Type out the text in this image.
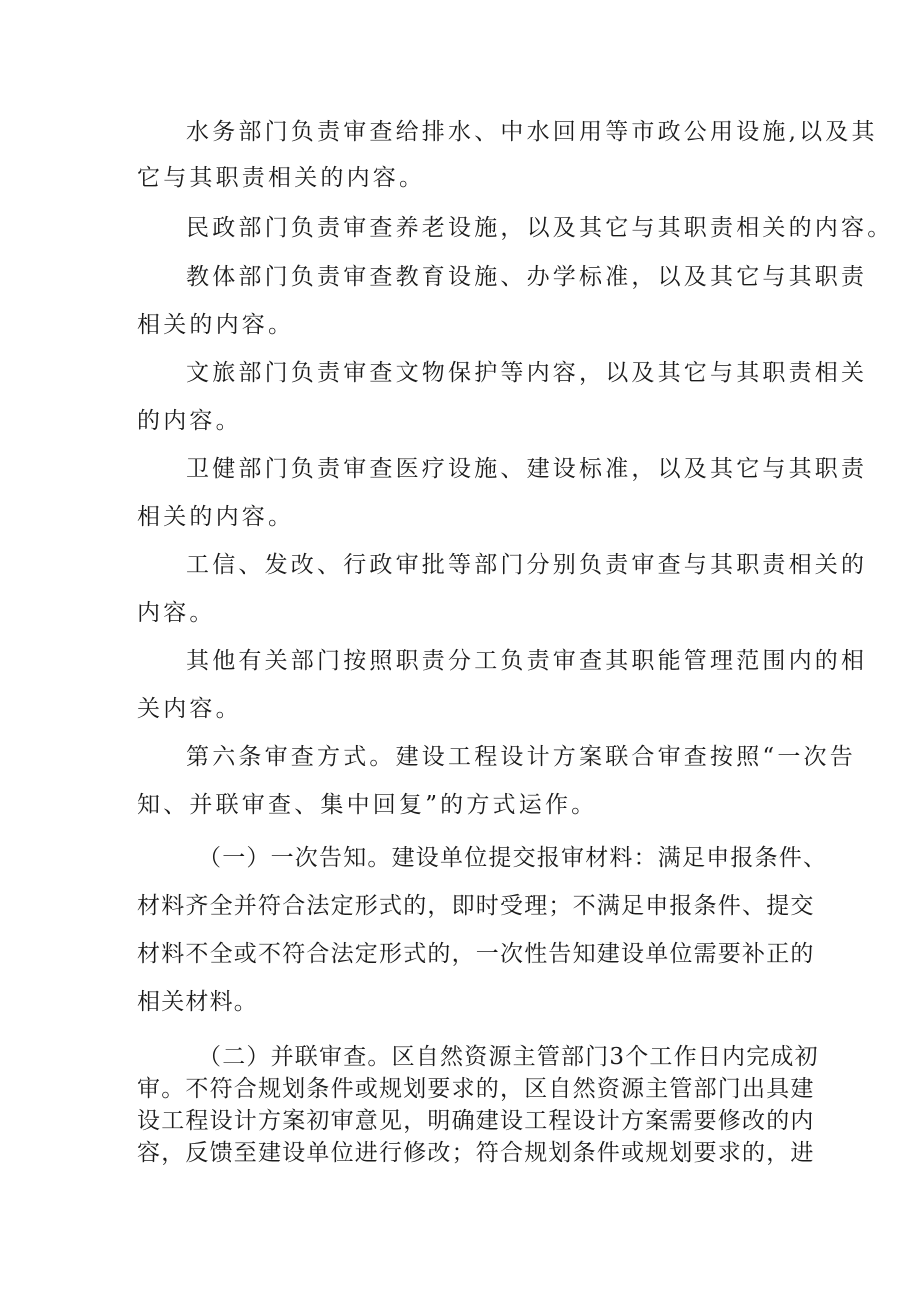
水务部门负责审查给排水、中水回用等市政公用设施,以及其
它与其职责相关的内容。
民政部门负责审查养老设施，以及其它与其职责相关的内容。
教体部门负责审查教育设施、办学标准，以及其它与其职责
相关的内容。
文旅部门负责审查文物保护等内容，以及其它与其职责相关
的内容。
卫健部门负责审查医疗设施、建设标准，以及其它与其职责
相关的内容。
工信、发改、行政审批等部门分别负责审查与其职责相关的
内容。
其他有关部门按照职责分工负责审查其职能管理范围内的相
关内容。
第六条审查方式。建设工程设计方案联合审查按照“一次告
知、并联审查、集中回复”的方式运作。
（一）一次告知。建设单位提交报审材料：满足申报条件、
材料齐全并符合法定形式的，即时受理；不满足申报条件、提交
材料不全或不符合法定形式的，一次性告知建设单位需要补正的
相关材料。
（二）并联审查。区自然资源主管部门3个工作日内完成初
审。不符合规划条件或规划要求的，区自然资源主管部门出具建
设工程设计方案初审意见，明确建设工程设计方案需要修改的内
容，反馈至建设单位进行修改；符合规划条件或规划要求的，进
